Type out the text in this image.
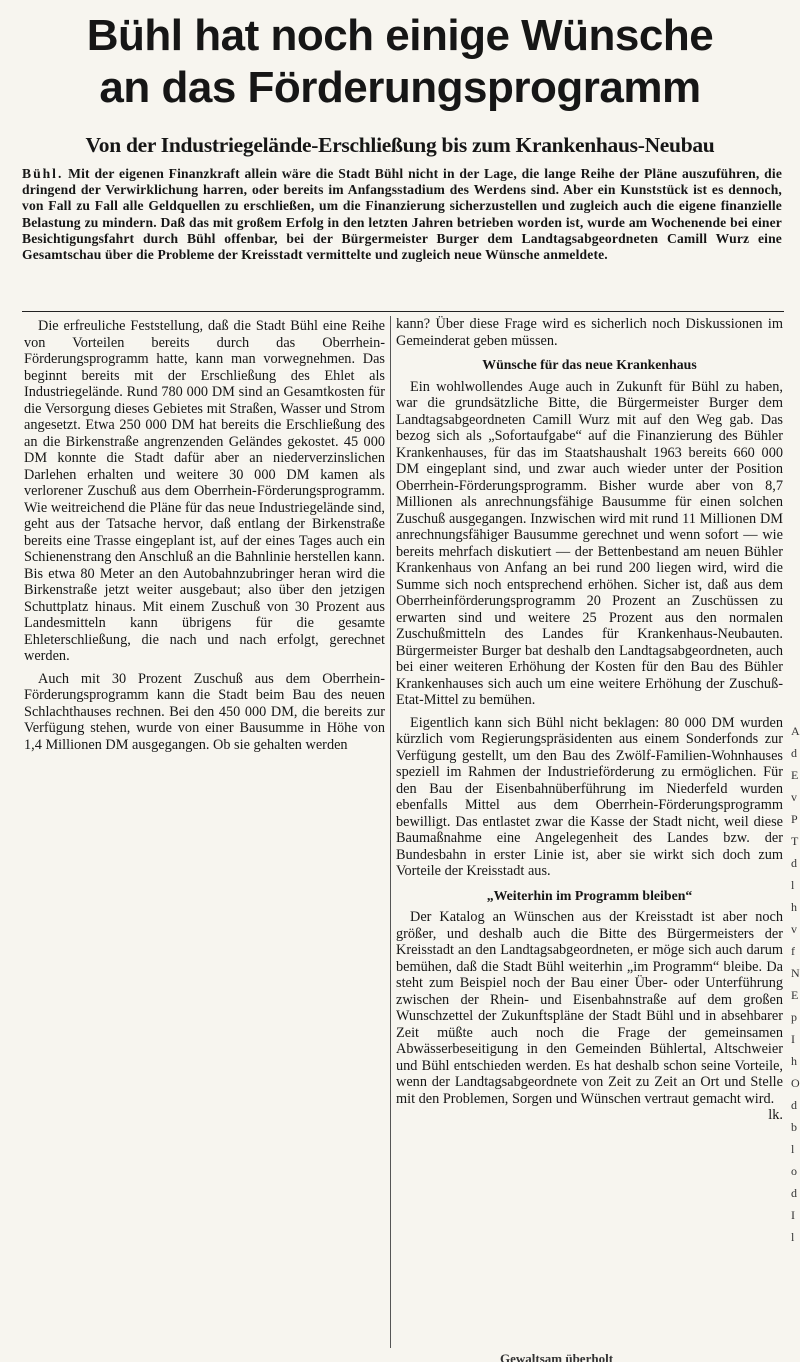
Bühl hat noch einige Wünsche
an das Förderungsprogramm
Von der Industriegelände-Erschließung bis zum Krankenhaus-Neubau
Bühl. Mit der eigenen Finanzkraft allein wäre die Stadt Bühl nicht in der Lage, die lange Reihe der Pläne auszuführen, die dringend der Verwirklichung harren, oder bereits im Anfangsstadium des Werdens sind. Aber ein Kunststück ist es dennoch, von Fall zu Fall alle Geldquellen zu erschließen, um die Finanzierung sicherzustellen und zugleich auch die eigene finanzielle Belastung zu mindern. Daß das mit großem Erfolg in den letzten Jahren betrieben worden ist, wurde am Wochenende bei einer Besichtigungsfahrt durch Bühl offenbar, bei der Bürgermeister Burger dem Landtagsabgeordneten Camill Wurz eine Gesamtschau über die Probleme der Kreisstadt vermittelte und zugleich neue Wünsche anmeldete.

Die erfreuliche Feststellung, daß die Stadt Bühl eine Reihe von Vorteilen bereits durch das Oberrhein-Förderungsprogramm hatte, kann man vorwegnehmen. Das beginnt bereits mit der Erschließung des Ehlet als Industriegelände. Rund 780 000 DM sind an Gesamtkosten für die Versorgung dieses Gebietes mit Straßen, Wasser und Strom angesetzt. Etwa 250 000 DM hat bereits die Erschließung des an die Birkenstraße angrenzenden Geländes gekostet. 45 000 DM konnte die Stadt dafür aber an niederverzinslichen Darlehen erhalten und weitere 30 000 DM kamen als verlorener Zuschuß aus dem Oberrhein-Förderungsprogramm. Wie weitreichend die Pläne für das neue Industriegelände sind, geht aus der Tatsache hervor, daß entlang der Birkenstraße bereits eine Trasse eingeplant ist, auf der eines Tages auch ein Schienenstrang den Anschluß an die Bahnlinie herstellen kann. Bis etwa 80 Meter an den Autobahnzubringer heran wird die Birkenstraße jetzt weiter ausgebaut; also über den jetzigen Schuttplatz hinaus. Mit einem Zuschuß von 30 Prozent aus Landesmitteln kann übrigens für die gesamte Ehleterschließung, die nach und nach erfolgt, gerechnet werden.

Auch mit 30 Prozent Zuschuß aus dem Oberrhein-Förderungsprogramm kann die Stadt beim Bau des neuen Schlachthauses rechnen. Bei den 450 000 DM, die bereits zur Verfügung stehen, wurde von einer Bausumme in Höhe von 1,4 Millionen DM ausgegangen. Ob sie gehalten werden

kann? Über diese Frage wird es sicherlich noch Diskussionen im Gemeinderat geben müssen.

Wünsche für das neue Krankenhaus

Ein wohlwollendes Auge auch in Zukunft für Bühl zu haben, war die grundsätzliche Bitte, die Bürgermeister Burger dem Landtagsabgeordneten Camill Wurz mit auf den Weg gab. Das bezog sich als „Sofortaufgabe“ auf die Finanzierung des Bühler Krankenhauses, für das im Staatshaushalt 1963 bereits 660 000 DM eingeplant sind, und zwar auch wieder unter der Position Oberrhein-Förderungsprogramm. Bisher wurde aber von 8,7 Millionen als anrechnungsfähige Bausumme für einen solchen Zuschuß ausgegangen. Inzwischen wird mit rund 11 Millionen DM anrechnungsfähiger Bausumme gerechnet und wenn sofort — wie bereits mehrfach diskutiert — der Bettenbestand am neuen Bühler Krankenhaus von Anfang an bei rund 200 liegen wird, wird die Summe sich noch entsprechend erhöhen. Sicher ist, daß aus dem Oberrheinförderungsprogramm 20 Prozent an Zuschüssen zu erwarten sind und weitere 25 Prozent aus den normalen Zuschußmitteln des Landes für Krankenhaus-Neubauten. Bürgermeister Burger bat deshalb den Landtagsabgeordneten, auch bei einer weiteren Erhöhung der Kosten für den Bau des Bühler Krankenhauses sich auch um eine weitere Erhöhung der Zuschuß-Etat-Mittel zu bemühen.

Eigentlich kann sich Bühl nicht beklagen: 80 000 DM wurden kürzlich vom Regierungspräsidenten aus einem Sonderfonds zur Verfügung gestellt, um den Bau des Zwölf-Familien-Wohnhauses speziell im Rahmen der Industrieförderung zu ermöglichen. Für den Bau der Eisenbahnüberführung im Niederfeld wurden ebenfalls Mittel aus dem Oberrhein-Förderungsprogramm bewilligt. Das entlastet zwar die Kasse der Stadt nicht, weil diese Baumaßnahme eine Angelegenheit des Landes bzw. der Bundesbahn in erster Linie ist, aber sie wirkt sich doch zum Vorteile der Kreisstadt aus.

„Weiterhin im Programm bleiben“

Der Katalog an Wünschen aus der Kreisstadt ist aber noch größer, und deshalb auch die Bitte des Bürgermeisters der Kreisstadt an den Landtagsabgeordneten, er möge sich auch darum bemühen, daß die Stadt Bühl weiterhin „im Programm“ bleibe. Da steht zum Beispiel noch der Bau einer Über- oder Unterführung zwischen der Rhein- und Eisenbahnstraße auf dem großen Wunschzettel der Zukunftspläne der Stadt Bühl und in absehbarer Zeit müßte auch noch die Frage der gemeinsamen Abwässerbeseitigung in den Gemeinden Bühlertal, Altschweier und Bühl entschieden werden. Es hat deshalb schon seine Vorteile, wenn der Landtagsabgeordnete von Zeit zu Zeit an Ort und Stelle mit den Problemen, Sorgen und Wünschen vertraut gemacht wird.
lk.

A
d
E
v
P
T
d
l
h
v
f
N
E
p
I
h
O
d
b
l
o
d
I
l
Gewaltsam überholt
